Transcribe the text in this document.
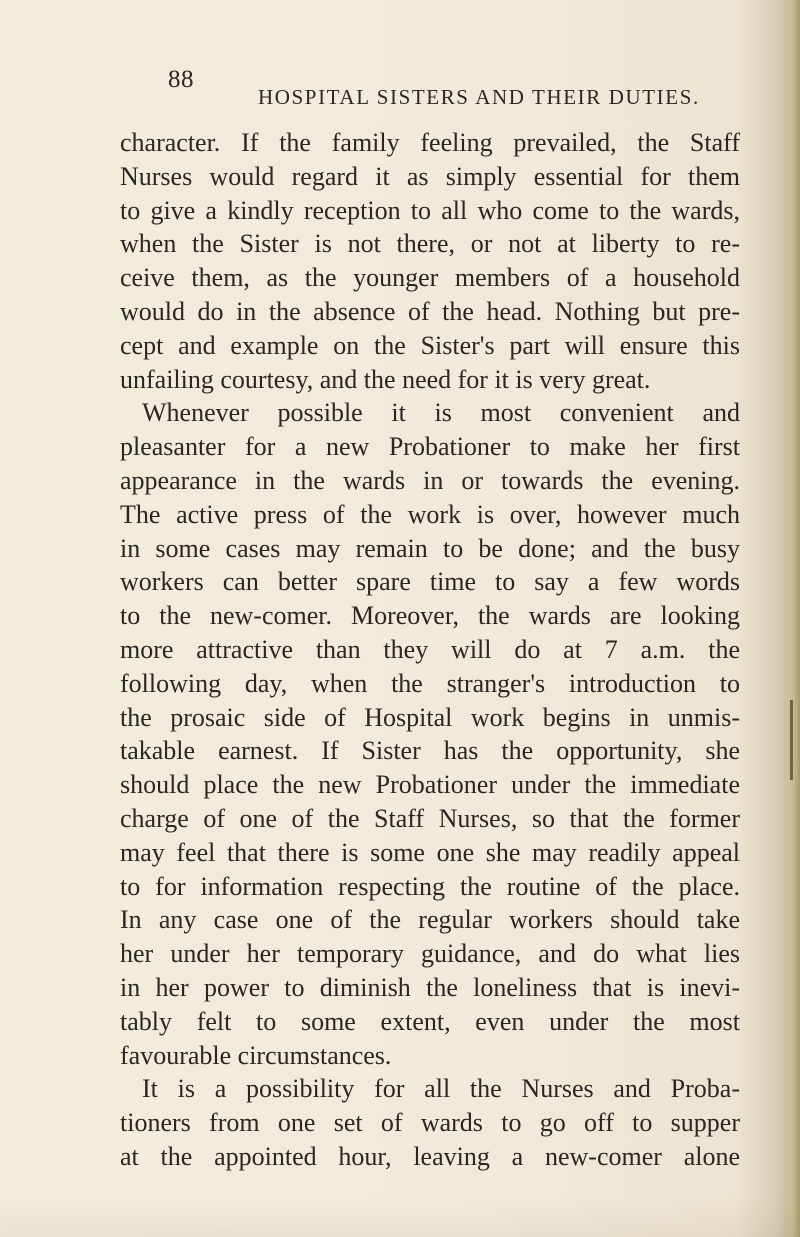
88
HOSPITAL SISTERS AND THEIR DUTIES.
character. If the family feeling prevailed, the Staff
Nurses would regard it as simply essential for them
to give a kindly reception to all who come to the wards,
when the Sister is not there, or not at liberty to re-
ceive them, as the younger members of a household
would do in the absence of the head. Nothing but pre-
cept and example on the Sister's part will ensure this
unfailing courtesy, and the need for it is very great.
Whenever possible it is most convenient and
pleasanter for a new Probationer to make her first
appearance in the wards in or towards the evening.
The active press of the work is over, however much
in some cases may remain to be done; and the busy
workers can better spare time to say a few words
to the new-comer. Moreover, the wards are looking
more attractive than they will do at 7 a.m. the
following day, when the stranger's introduction to
the prosaic side of Hospital work begins in unmis-
takable earnest. If Sister has the opportunity, she
should place the new Probationer under the immediate
charge of one of the Staff Nurses, so that the former
may feel that there is some one she may readily appeal
to for information respecting the routine of the place.
In any case one of the regular workers should take
her under her temporary guidance, and do what lies
in her power to diminish the loneliness that is inevi-
tably felt to some extent, even under the most
favourable circumstances.
It is a possibility for all the Nurses and Proba-
tioners from one set of wards to go off to supper
at the appointed hour, leaving a new-comer alone
